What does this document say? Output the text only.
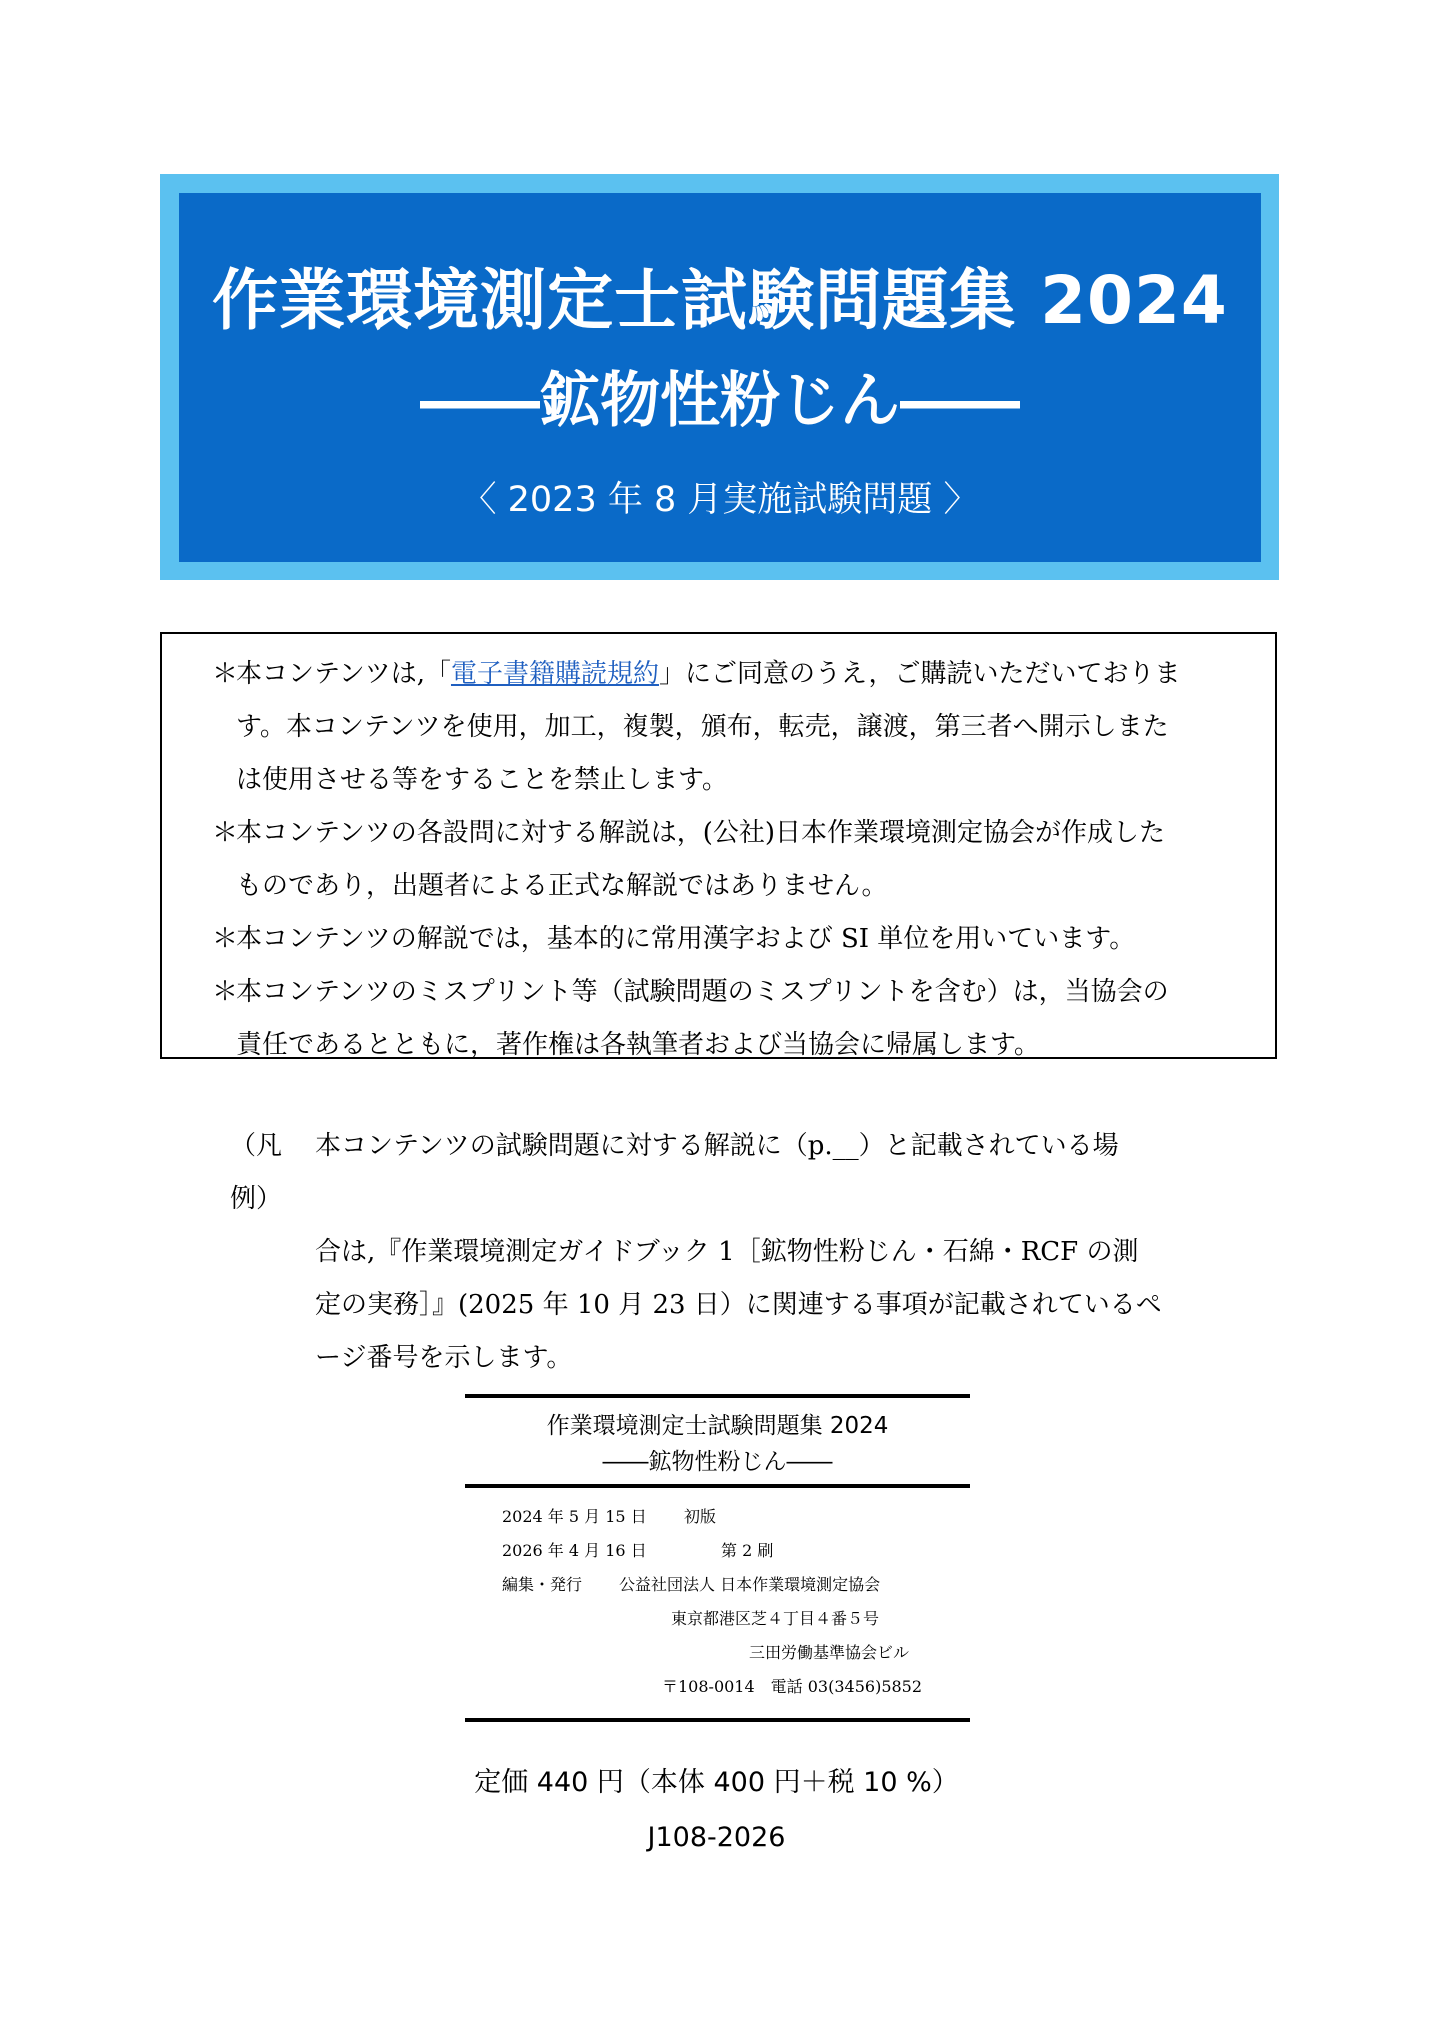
作業環境測定士試験問題集 2024
――鉱物性粉じん――
〈 2023 年 8 月実施試験問題 〉
＊
本コンテンツは,「電子書籍購読規約」にご同意のうえ，ご購読いただいておりま
す。本コンテンツを使用，加工，複製，頒布，転売，譲渡，第三者へ開示しまた
は使用させる等をすることを禁止します。
＊
本コンテンツの各設問に対する解説は，(公社)日本作業環境測定協会が作成した
ものであり，出題者による正式な解説ではありません。
＊
本コンテンツの解説では，基本的に常用漢字および SI 単位を用いています。
＊
本コンテンツのミスプリント等（試験問題のミスプリントを含む）は，当協会の
責任であるとともに，著作権は各執筆者および当協会に帰属します。
（凡例）
本コンテンツの試験問題に対する解説に（p.__）と記載されている場
合は,『作業環境測定ガイドブック 1［鉱物性粉じん・石綿・RCF の測
定の実務］』(2025 年 10 月 23 日）に関連する事項が記載されているペ
ージ番号を示します。
作業環境測定士試験問題集 2024
――鉱物性粉じん――
2024 年 5 月 15 日 初版
2026 年 4 月 16 日	第 2 刷
編集・発行 公益社団法人 日本作業環境測定協会
東京都港区芝４丁目４番５号
三田労働基準協会ビル
〒108-0014　電話 03(3456)5852
定価 440 円（本体 400 円＋税 10 %）
J108-2026
